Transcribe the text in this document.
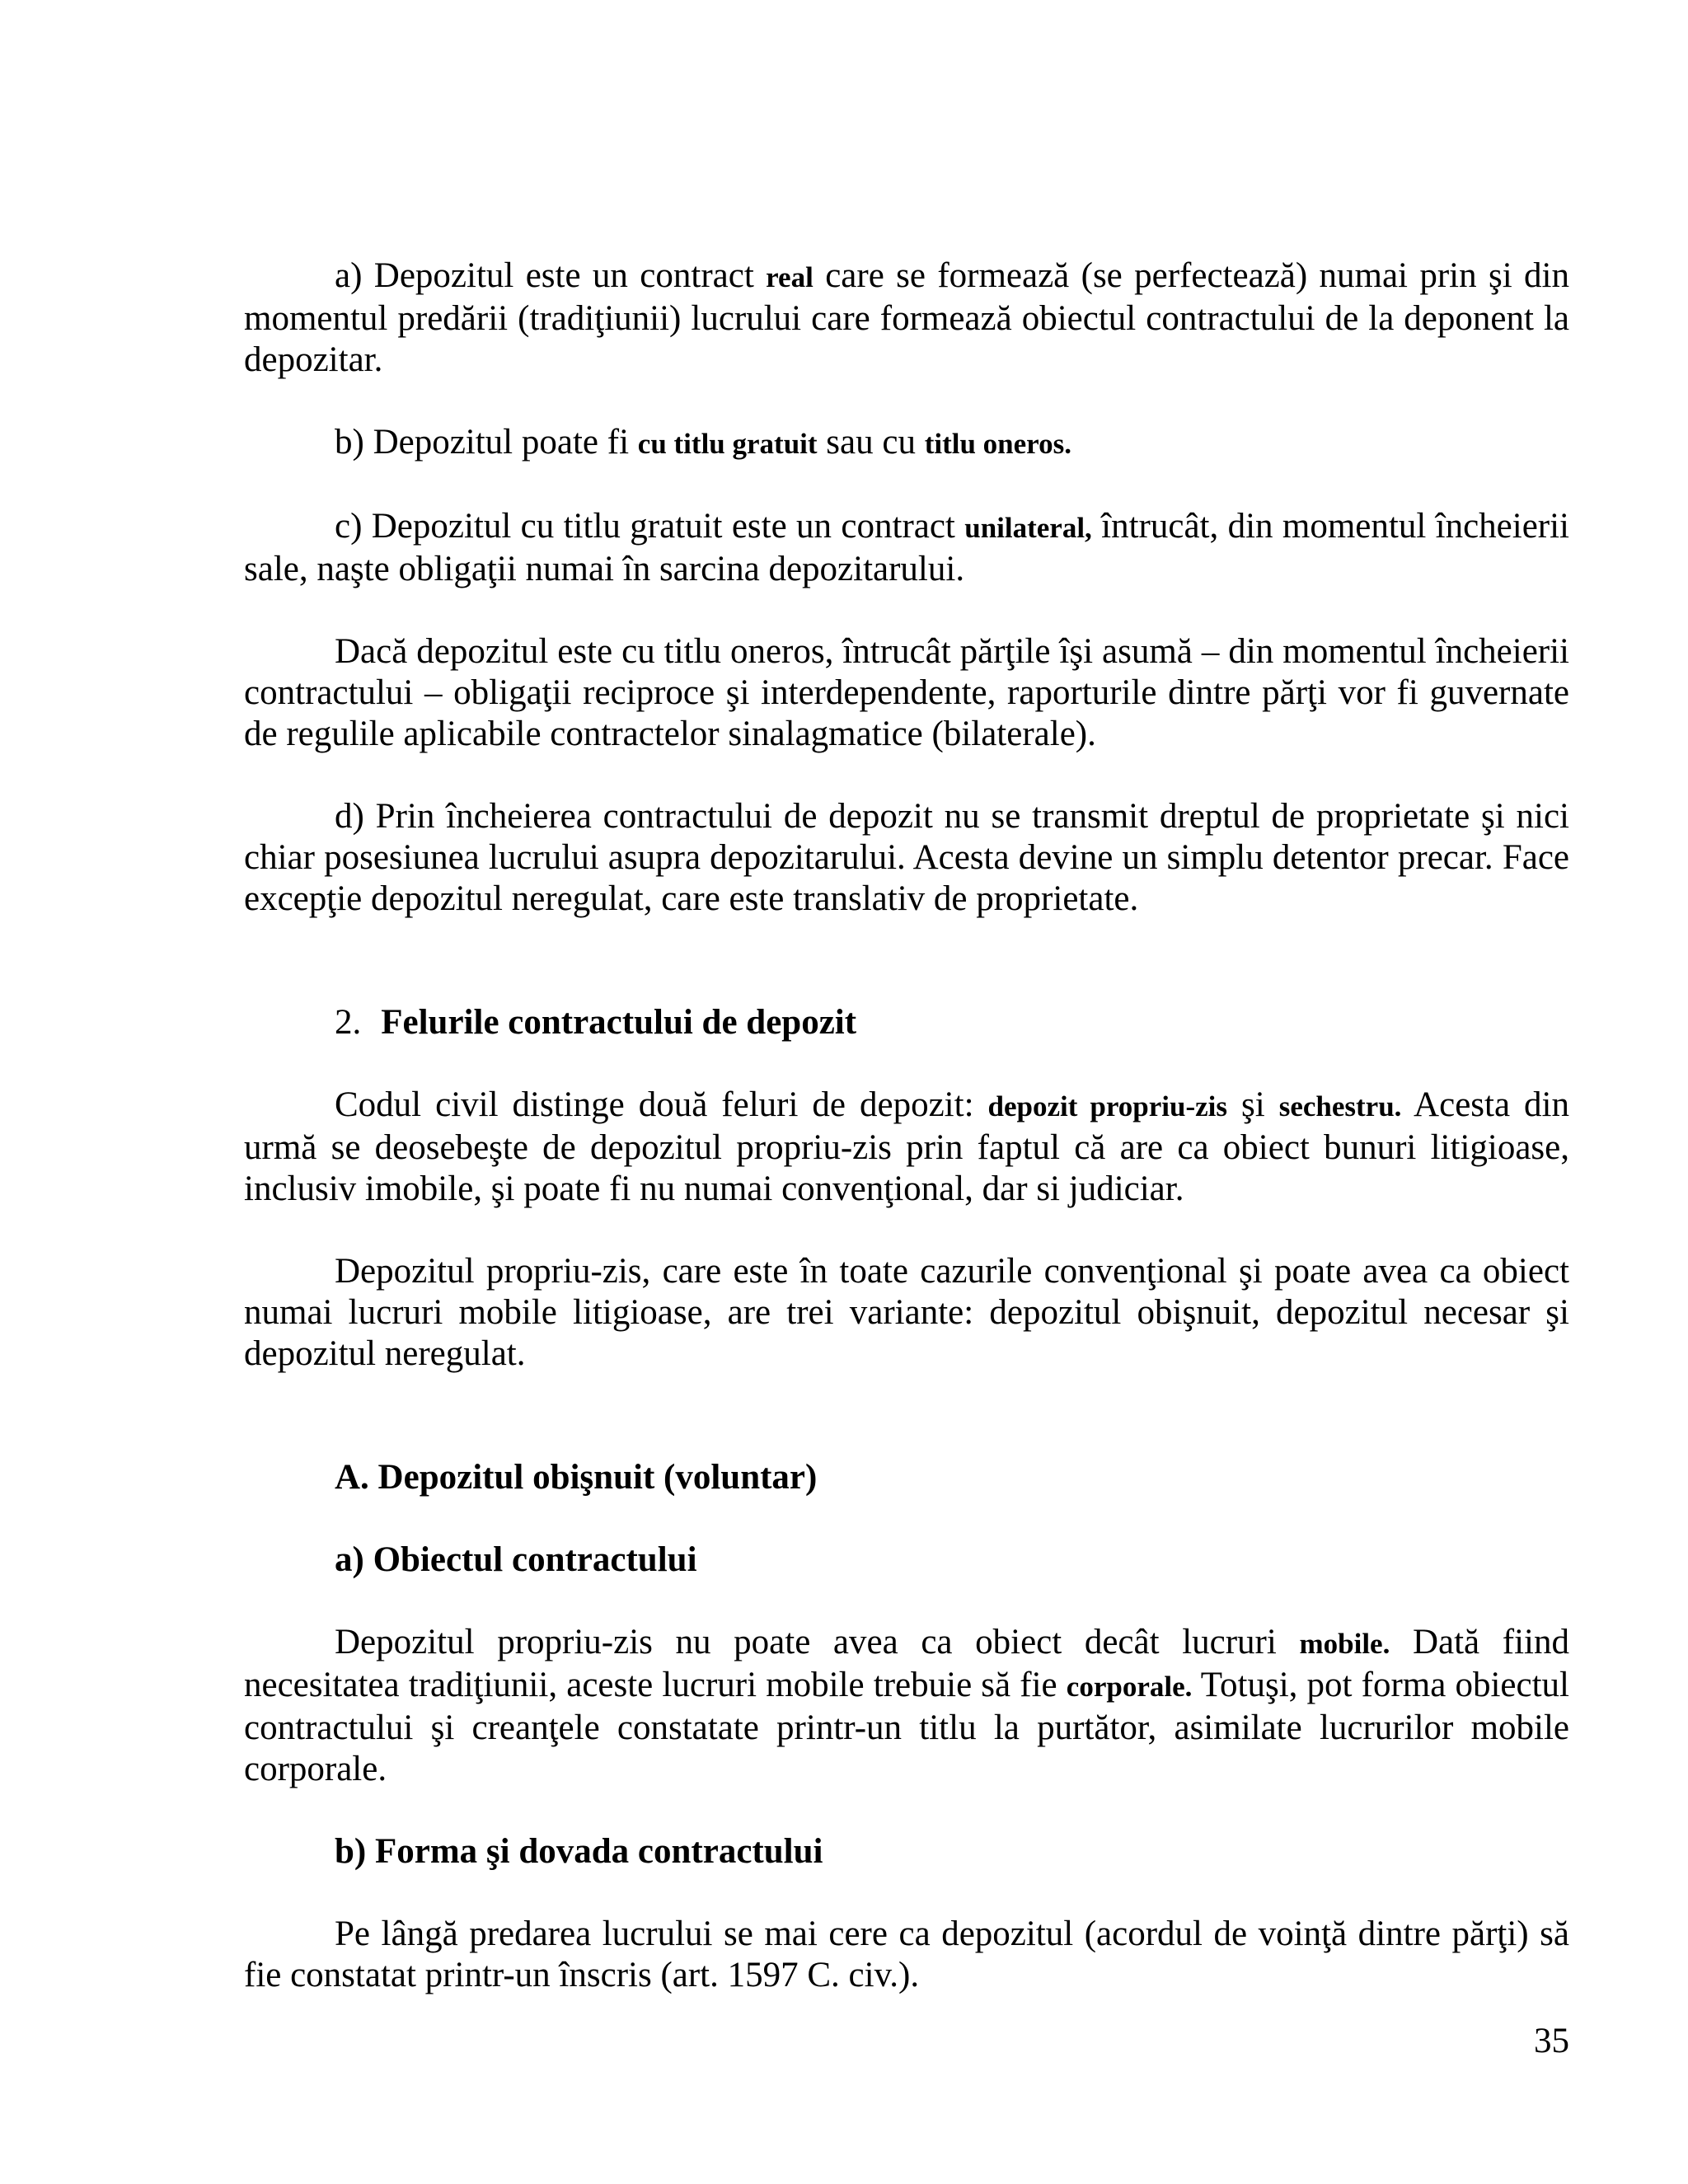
a) Depozitul este un contract real care se formează (se perfectează) numai prin şi din momentul predării (tradiţiunii) lucrului care formează obiectul contractului de la deponent la depozitar.

b) Depozitul poate fi cu titlu gratuit sau cu titlu oneros.

c) Depozitul cu titlu gratuit este un contract unilateral, întrucât, din momentul încheierii sale, naşte obligaţii numai în sarcina depozitarului.

Dacă depozitul este cu titlu oneros, întrucât părţile îşi asumă – din momentul încheierii contractului – obligaţii reciproce şi interdependente, raporturile dintre părţi vor fi guvernate de regulile aplicabile contractelor sinalagmatice (bilaterale).

d) Prin încheierea contractului de depozit nu se transmit dreptul de proprietate şi nici chiar posesiunea lucrului asupra depozitarului. Acesta devine un simplu detentor precar. Face excepţie depozitul neregulat, care este translativ de proprietate.

2. Felurile contractului de depozit

Codul civil distinge două feluri de depozit: depozit propriu-zis şi sechestru. Acesta din urmă se deosebeşte de depozitul propriu-zis prin faptul că are ca obiect bunuri litigioase, inclusiv imobile, şi poate fi nu numai convenţional, dar si judiciar.

Depozitul propriu-zis, care este în toate cazurile convenţional şi poate avea ca obiect numai lucruri mobile litigioase, are trei variante: depozitul obişnuit, depozitul necesar şi depozitul neregulat.

A. Depozitul obişnuit (voluntar)

a) Obiectul contractului

Depozitul propriu-zis nu poate avea ca obiect decât lucruri mobile. Dată fiind necesitatea tradiţiunii, aceste lucruri mobile trebuie să fie corporale. Totuşi, pot forma obiectul contractului şi creanţele constatate printr-un titlu la purtător, asimilate lucrurilor mobile corporale.

b) Forma şi dovada contractului

Pe lângă predarea lucrului se mai cere ca depozitul (acordul de voinţă dintre părţi) să fie constatat printr-un înscris (art. 1597 C. civ.).

35
